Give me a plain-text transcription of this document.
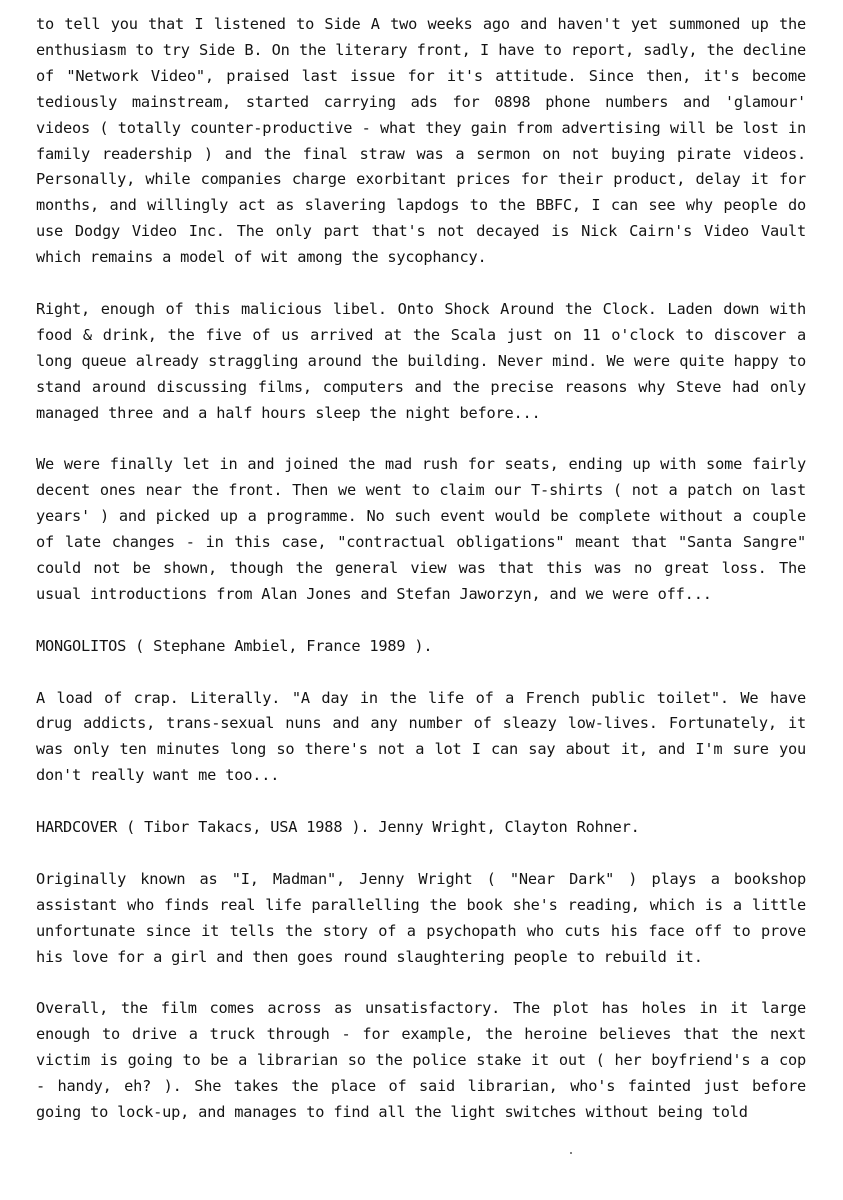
to tell you that I listened to Side A two weeks ago and haven't yet summoned up the enthusiasm to try Side B. On the literary front, I have to report, sadly, the decline of "Network Video", praised last issue for it's attitude. Since then, it's become tediously mainstream, started carrying ads for 0898 phone numbers and 'glamour' videos ( totally counter-productive - what they gain from advertising will be lost in family readership ) and the final straw was a sermon on not buying pirate videos. Personally, while companies charge exorbitant prices for their product, delay it for months, and willingly act as slavering lapdogs to the BBFC, I can see why people do use Dodgy Video Inc. The only part that's not decayed is Nick Cairn's Video Vault which remains a model of wit among the sycophancy.

Right, enough of this malicious libel. Onto Shock Around the Clock. Laden down with food & drink, the five of us arrived at the Scala just on 11 o'clock to discover a long queue already straggling around the building. Never mind. We were quite happy to stand around discussing films, computers and the precise reasons why Steve had only managed three and a half hours sleep the night before...

We were finally let in and joined the mad rush for seats, ending up with some fairly decent ones near the front. Then we went to claim our T-shirts ( not a patch on last years' ) and picked up a programme. No such event would be complete without a couple of late changes - in this case, "contractual obligations" meant that "Santa Sangre" could not be shown, though the general view was that this was no great loss. The usual introductions from Alan Jones and Stefan Jaworzyn, and we were off...

MONGOLITOS ( Stephane Ambiel, France 1989 ).

A load of crap. Literally. "A day in the life of a French public toilet". We have drug addicts, trans-sexual nuns and any number of sleazy low-lives. Fortunately, it was only ten minutes long so there's not a lot I can say about it, and I'm sure you don't really want me too...

HARDCOVER ( Tibor Takacs, USA 1988 ). Jenny Wright, Clayton Rohner.

Originally known as "I, Madman", Jenny Wright ( "Near Dark" ) plays a bookshop assistant who finds real life parallelling the book she's reading, which is a little unfortunate since it tells the story of a psychopath who cuts his face off to prove his love for a girl and then goes round slaughtering people to rebuild it.

Overall, the film comes across as unsatisfactory. The plot has holes in it large enough to drive a truck through - for example, the heroine believes that the next victim is going to be a librarian so the police stake it out ( her boyfriend's a cop - handy, eh? ). She takes the place of said librarian, who's fainted just before going to lock-up, and manages to find all the light switches without being told
